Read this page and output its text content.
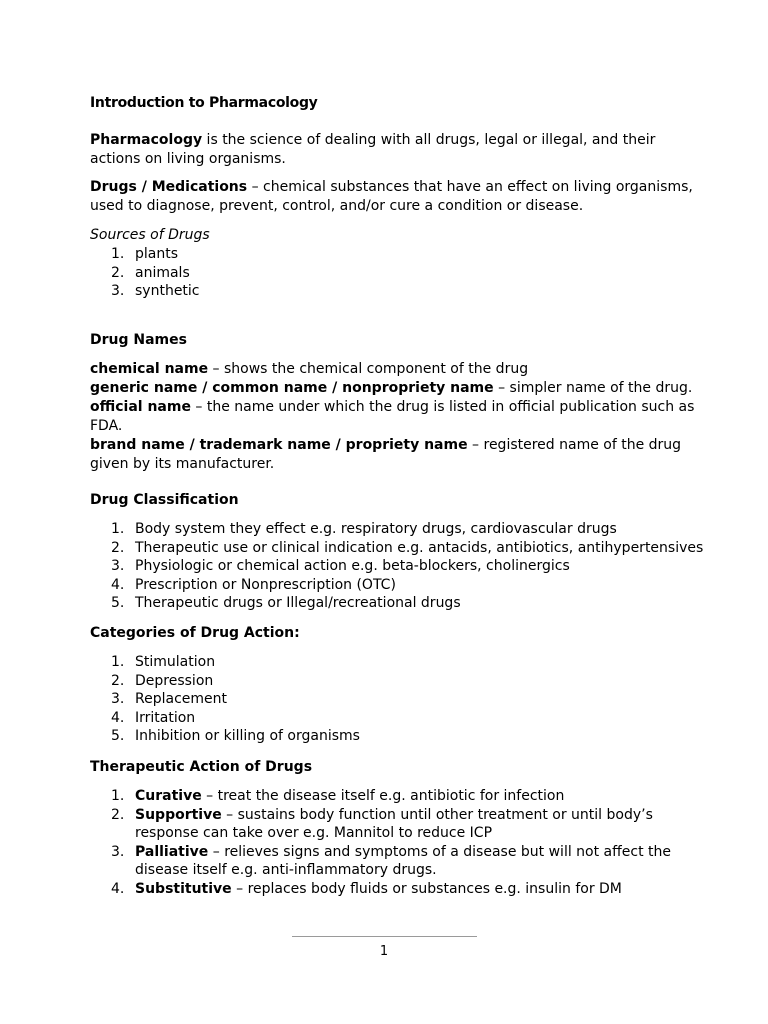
Introduction to Pharmacology

Pharmacology is the science of dealing with all drugs, legal or illegal, and their

actions on living organisms.

Drugs / Medications – chemical substances that have an effect on living organisms,

used to diagnose, prevent, control, and/or cure a condition or disease.

Sources of Drugs

1. plants
2. animals
3. synthetic

Drug Names

chemical name – shows the chemical component of the drug

generic name / common name / nonpropriety name – simpler name of the drug.

official name – the name under which the drug is listed in official publication such as

FDA.

brand name / trademark name / propriety name – registered name of the drug

given by its manufacturer.

Drug Classification

1. Body system they effect e.g. respiratory drugs, cardiovascular drugs
2. Therapeutic use or clinical indication e.g. antacids, antibiotics, antihypertensives
3. Physiologic or chemical action e.g. beta-blockers, cholinergics
4. Prescription or Nonprescription (OTC)
5. Therapeutic drugs or Illegal/recreational drugs

Categories of Drug Action:

1. Stimulation
2. Depression
3. Replacement
4. Irritation
5. Inhibition or killing of organisms

Therapeutic Action of Drugs

1. Curative – treat the disease itself e.g. antibiotic for infection
2. Supportive – sustains body function until other treatment or until body’s
response can take over e.g. Mannitol to reduce ICP
3. Palliative – relieves signs and symptoms of a disease but will not affect the
disease itself e.g. anti-inflammatory drugs.
4. Substitutive – replaces body fluids or substances e.g. insulin for DM
1
